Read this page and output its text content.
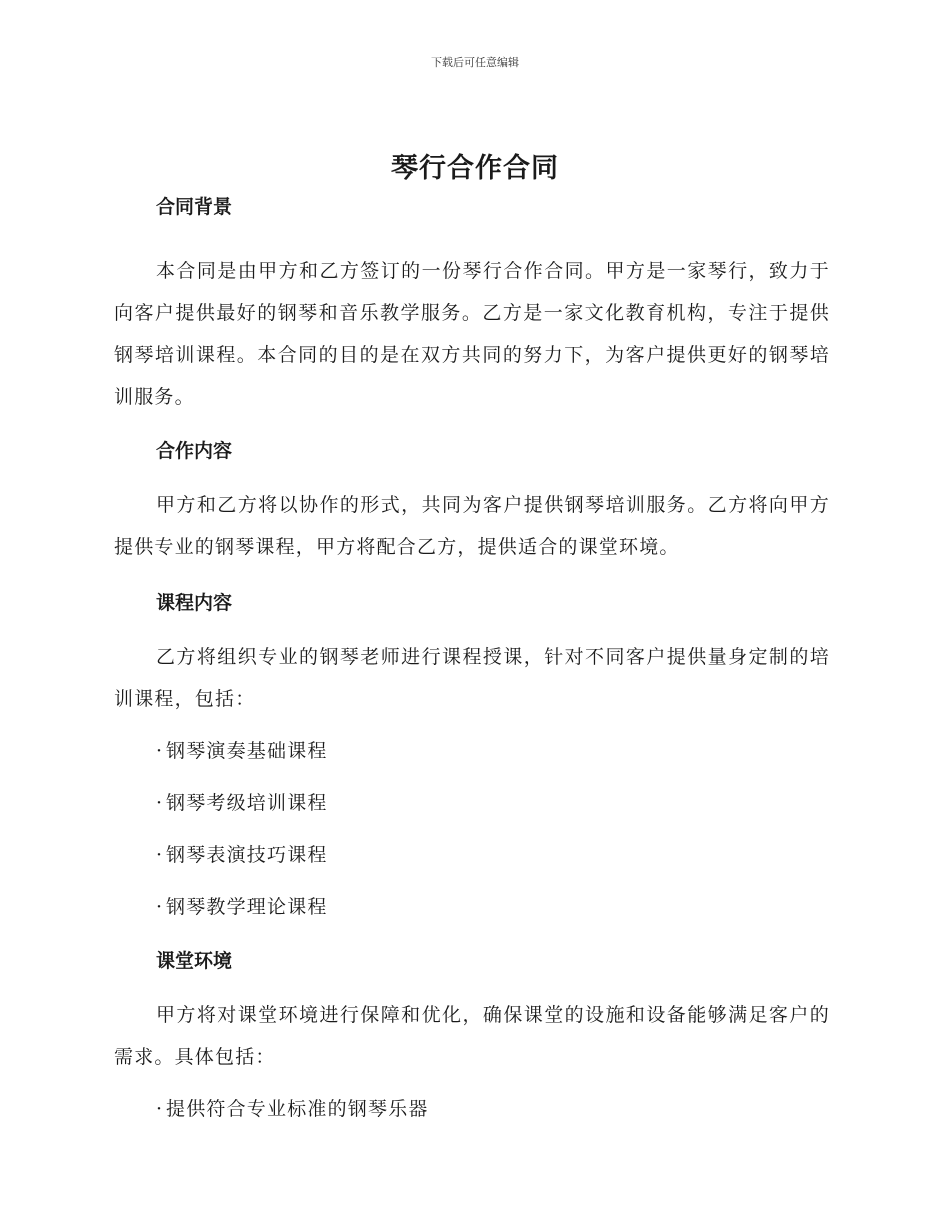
下载后可任意编辑
琴行合作合同
合同背景

本合同是由甲方和乙方签订的一份琴行合作合同。甲方是一家琴行，致力于向客户提供最好的钢琴和音乐教学服务。乙方是一家文化教育机构，专注于提供钢琴培训课程。本合同的目的是在双方共同的努力下，为客户提供更好的钢琴培训服务。

合作内容

甲方和乙方将以协作的形式，共同为客户提供钢琴培训服务。乙方将向甲方提供专业的钢琴课程，甲方将配合乙方，提供适合的课堂环境。

课程内容

乙方将组织专业的钢琴老师进行课程授课，针对不同客户提供量身定制的培训课程，包括：

· 钢琴演奏基础课程

· 钢琴考级培训课程

· 钢琴表演技巧课程

· 钢琴教学理论课程

课堂环境

甲方将对课堂环境进行保障和优化，确保课堂的设施和设备能够满足客户的需求。具体包括：

· 提供符合专业标准的钢琴乐器
